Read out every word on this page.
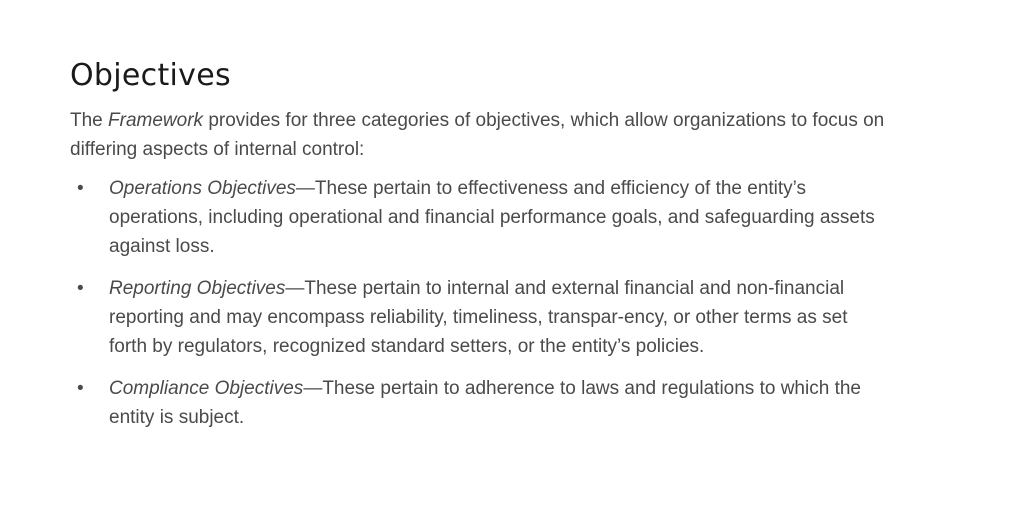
Objectives

The Framework provides for three categories of objectives, which allow organizations to focus on differing aspects of internal control:

• Operations Objectives—These pertain to effectiveness and efficiency of the entity’s operations, including operational and financial performance goals, and safeguarding assets against loss.
• Reporting Objectives—These pertain to internal and external financial and non-financial reporting and may encompass reliability, timeliness, transpar-ency, or other terms as set forth by regulators, recognized standard setters, or the entity’s policies.
• Compliance Objectives—These pertain to adherence to laws and regulations to which the entity is subject.
